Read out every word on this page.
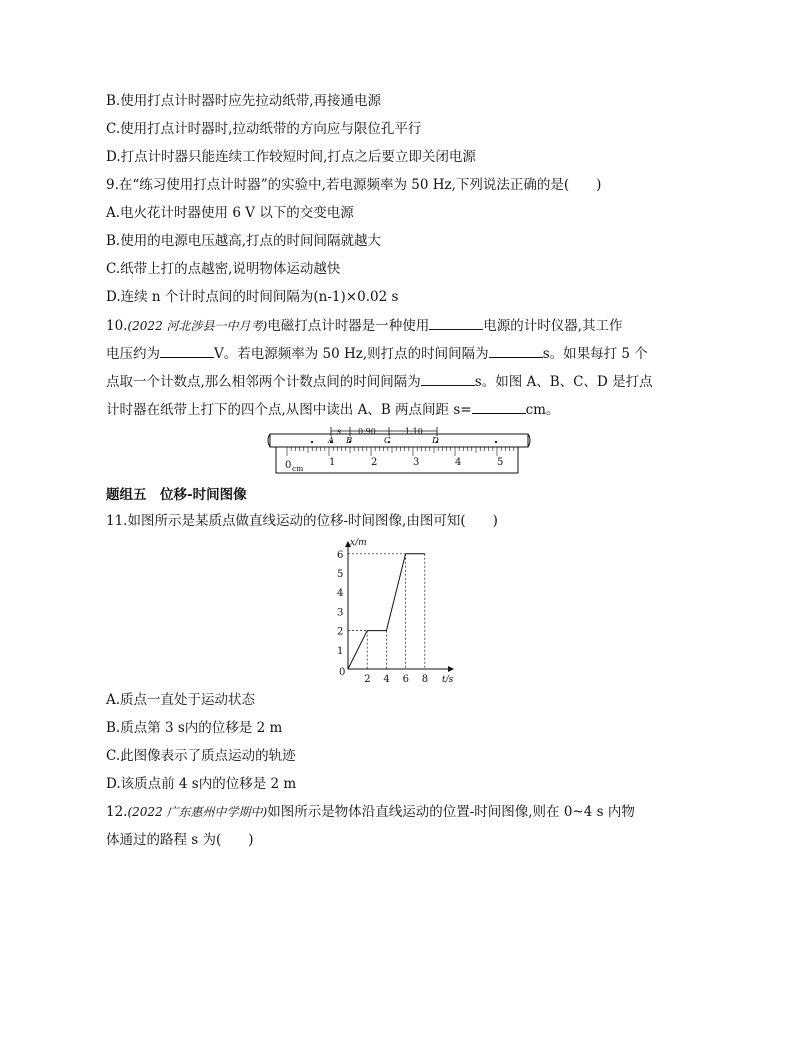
B.使用打点计时器时应先拉动纸带,再接通电源
C.使用打点计时器时,拉动纸带的方向应与限位孔平行
D.打点计时器只能连续工作较短时间,打点之后要立即关闭电源
9.在“练习使用打点计时器”的实验中,若电源频率为 50 Hz,下列说法正确的是(　　)
A.电火花计时器使用 6 V 以下的交变电源
B.使用的电源电压越高,打点的时间间隔就越大
C.纸带上打的点越密,说明物体运动越快
D.连续 n 个计时点间的时间间隔为(n-1)×0.02 s
10.(2022 河北涉县一中月考)电磁打点计时器是一种使用	电源的计时仪器,其工作
电压约为	V。若电源频率为 50 Hz,则打点的时间间隔为	s。如果每打 5 个
点取一个计数点,那么相邻两个计数点间的时间间隔为	s。如图 A、B、C、D 是打点
计时器在纸带上打下的四个点,从图中读出 A、B 两点间距 s=	cm。
s 0.90	1.10
A B	C	D
0 cm
1	2	3	4	5
题组五　位移-时间图像
11.如图所示是某质点做直线运动的位移-时间图像,由图可知(　　)
x/m
t/s
0
1
2
3
4
5
6
2 4 6 8
A.质点一直处于运动状态
B.质点第 3 s内的位移是 2 m
C.此图像表示了质点运动的轨迹
D.该质点前 4 s内的位移是 2 m
12.(2022 广东惠州中学期中)如图所示是物体沿直线运动的位置-时间图像,则在 0~4 s 内物
体通过的路程 s 为(　　)
